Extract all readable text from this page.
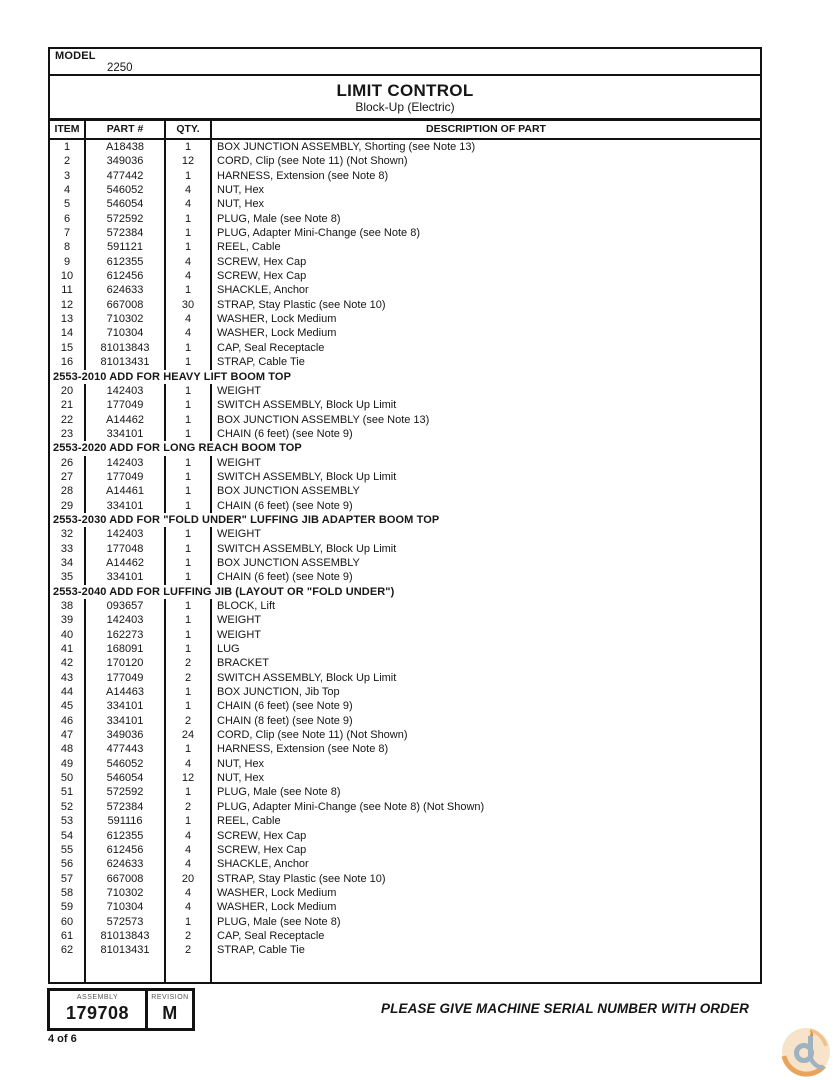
MODEL
2250
LIMIT CONTROL
Block-Up (Electric)
ITEM	PART #	QTY.	DESCRIPTION OF PART
1	A18438	1	BOX JUNCTION ASSEMBLY, Shorting (see Note 13)
2	349036	12	CORD, Clip (see Note 11) (Not Shown)
3	477442	1	HARNESS, Extension (see Note 8)
4	546052	4	NUT, Hex
5	546054	4	NUT, Hex
6	572592	1	PLUG, Male (see Note 8)
7	572384	1	PLUG, Adapter Mini-Change (see Note 8)
8	591121	1	REEL, Cable
9	612355	4	SCREW, Hex Cap
10	612456	4	SCREW, Hex Cap
11	624633	1	SHACKLE, Anchor
12	667008	30	STRAP, Stay Plastic (see Note 10)
13	710302	4	WASHER, Lock Medium
14	710304	4	WASHER, Lock Medium
15	81013843	1	CAP, Seal Receptacle
16	81013431	1	STRAP, Cable Tie
2553-2010 ADD FOR HEAVY LIFT BOOM TOP
20	142403	1	WEIGHT
21	177049	1	SWITCH ASSEMBLY, Block Up Limit
22	A14462	1	BOX JUNCTION ASSEMBLY (see Note 13)
23	334101	1	CHAIN (6 feet) (see Note 9)
2553-2020 ADD FOR LONG REACH BOOM TOP
26	142403	1	WEIGHT
27	177049	1	SWITCH ASSEMBLY, Block Up Limit
28	A14461	1	BOX JUNCTION ASSEMBLY
29	334101	1	CHAIN (6 feet) (see Note 9)
2553-2030 ADD FOR "FOLD UNDER" LUFFING JIB ADAPTER BOOM TOP
32	142403	1	WEIGHT
33	177048	1	SWITCH ASSEMBLY, Block Up Limit
34	A14462	1	BOX JUNCTION ASSEMBLY
35	334101	1	CHAIN (6 feet) (see Note 9)
2553-2040 ADD FOR LUFFING JIB (LAYOUT OR "FOLD UNDER")
38	093657	1	BLOCK, Lift
39	142403	1	WEIGHT
40	162273	1	WEIGHT
41	168091	1	LUG
42	170120	2	BRACKET
43	177049	2	SWITCH ASSEMBLY, Block Up Limit
44	A14463	1	BOX JUNCTION, Jib Top
45	334101	1	CHAIN (6 feet) (see Note 9)
46	334101	2	CHAIN (8 feet) (see Note 9)
47	349036	24	CORD, Clip (see Note 11) (Not Shown)
48	477443	1	HARNESS, Extension (see Note 8)
49	546052	4	NUT, Hex
50	546054	12	NUT, Hex
51	572592	1	PLUG, Male (see Note 8)
52	572384	2	PLUG, Adapter Mini-Change (see Note 8) (Not Shown)
53	591116	1	REEL, Cable
54	612355	4	SCREW, Hex Cap
55	612456	4	SCREW, Hex Cap
56	624633	4	SHACKLE, Anchor
57	667008	20	STRAP, Stay Plastic (see Note 10)
58	710302	4	WASHER, Lock Medium
59	710304	4	WASHER, Lock Medium
60	572573	1	PLUG, Male (see Note 8)
61	81013843	2	CAP, Seal Receptacle
62	81013431	2	STRAP, Cable Tie
ASSEMBLY
179708
REVISION
M	PLEASE GIVE MACHINE SERIAL NUMBER WITH ORDER
4 of 6
